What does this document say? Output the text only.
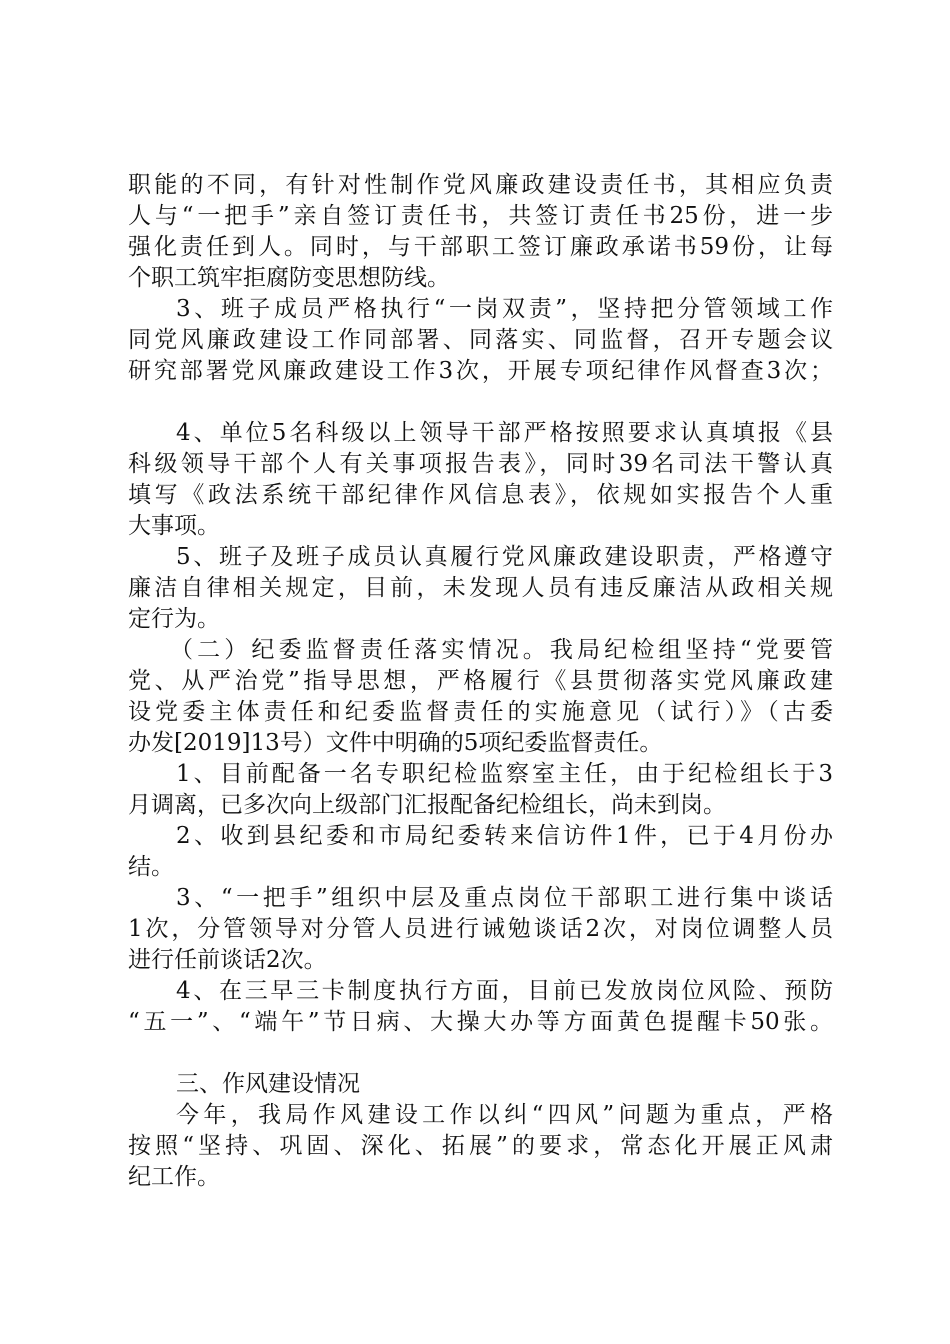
职能的不同，有针对性制作党风廉政建设责任书，其相应负责
人与“一把手”亲自签订责任书，共签订责任书25份，进一步
强化责任到人。同时，与干部职工签订廉政承诺书59份，让每
个职工筑牢拒腐防变思想防线。
3、班子成员严格执行“一岗双责”，坚持把分管领域工作
同党风廉政建设工作同部署、同落实、同监督，召开专题会议
研究部署党风廉政建设工作3次，开展专项纪律作风督查3次；
4、单位5名科级以上领导干部严格按照要求认真填报《县
科级领导干部个人有关事项报告表》，同时39名司法干警认真
填写《政法系统干部纪律作风信息表》，依规如实报告个人重
大事项。
5、班子及班子成员认真履行党风廉政建设职责，严格遵守
廉洁自律相关规定，目前，未发现人员有违反廉洁从政相关规
定行为。
（二）纪委监督责任落实情况。我局纪检组坚持“党要管
党、从严治党”指导思想，严格履行《县贯彻落实党风廉政建
设党委主体责任和纪委监督责任的实施意见（试行）》（古委
办发[2019]13号）文件中明确的5项纪委监督责任。
1、目前配备一名专职纪检监察室主任，由于纪检组长于3
月调离，已多次向上级部门汇报配备纪检组长，尚未到岗。
2、收到县纪委和市局纪委转来信访件1件，已于4月份办
结。
3、“一把手”组织中层及重点岗位干部职工进行集中谈话
1次，分管领导对分管人员进行诫勉谈话2次，对岗位调整人员
进行任前谈话2次。
4、在三早三卡制度执行方面，目前已发放岗位风险、预防
“五一”、“端午”节日病、大操大办等方面黄色提醒卡50张。
三、作风建设情况
今年，我局作风建设工作以纠“四风”问题为重点，严格
按照“坚持、巩固、深化、拓展”的要求，常态化开展正风肃
纪工作。
